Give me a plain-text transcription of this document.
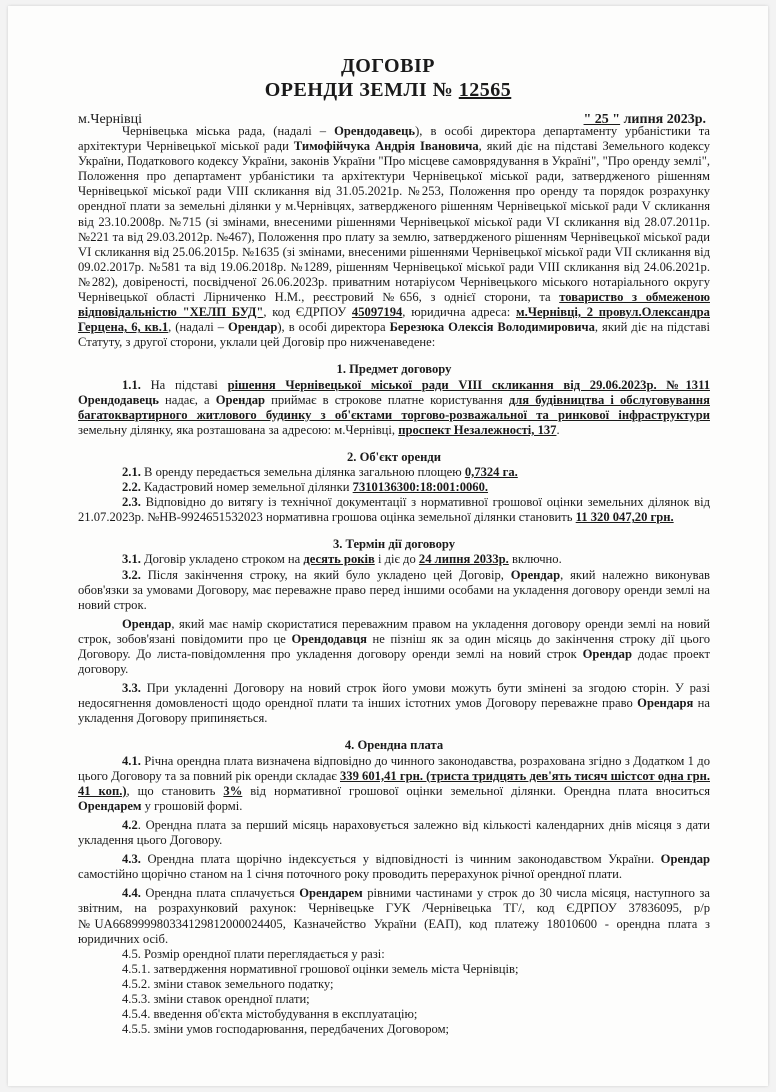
ДОГОВІР
ОРЕНДИ ЗЕМЛІ № 12565
м.Чернівці	" 25 " липня 2023р.

Чернівецька міська рада, (надалі – Орендодавець), в особі директора департаменту урбаністики та архітектури Чернівецької міської ради Тимофійчука Андрія Івановича, який діє на підставі Земельного кодексу України, Податкового кодексу України, законів України "Про місцеве самоврядування в Україні", "Про оренду землі", Положення про департамент урбаністики та архітектури Чернівецької міської ради, затвердженого рішенням Чернівецької міської ради VIII скликання від 31.05.2021р. №253, Положення про оренду та порядок розрахунку орендної плати за земельні ділянки у м.Чернівцях, затвердженого рішенням Чернівецької міської ради V скликання від 23.10.2008р. №715 (зі змінами, внесеними рішеннями Чернівецької міської ради VI скликання від 28.07.2011р. №221 та від 29.03.2012р. №467), Положення про плату за землю, затвердженого рішенням Чернівецької міської ради VI скликання від 25.06.2015р. №1635 (зі змінами, внесеними рішеннями Чернівецької міської ради VII скликання від 09.02.2017р. №581 та від 19.06.2018р. №1289, рішенням Чернівецької міської ради VIII скликання від 24.06.2021р. №282), довіреності, посвідченої 26.06.2023р. приватним нотаріусом Чернівецького міського нотаріального округу Чернівецької області Лірниченко Н.М., реєстровий №656, з однієї сторони, та товариство з обмеженою відповідальністю "ХЕЛП БУД", код ЄДРПОУ 45097194, юридична адреса: м.Чернівці, 2 провул.Олександра Герцена, 6, кв.1, (надалі – Орендар), в особі директора Березюка Олексія Володимировича, який діє на підставі Статуту, з другої сторони, уклали цей Договір про нижченаведене:

1. Предмет договору

1.1. На підставі рішення Чернівецької міської ради VIII скликання від 29.06.2023р. №1311 Орендодавець надає, а Орендар приймає в строкове платне користування для будівництва і обслуговування багатоквартирного житлового будинку з об'єктами торгово-розважальної та ринкової інфраструктури земельну ділянку, яка розташована за адресою: м.Чернівці, проспект Незалежності, 137.

2. Об'єкт оренди

2.1. В оренду передається земельна ділянка загальною площею 0,7324 га.

2.2. Кадастровий номер земельної ділянки 7310136300:18:001:0060.

2.3. Відповідно до витягу із технічної документації з нормативної грошової оцінки земельних ділянок від 21.07.2023р. №НВ-9924651532023 нормативна грошова оцінка земельної ділянки становить 11 320 047,20 грн.

3. Термін дії договору

3.1. Договір укладено строком на десять років і діє до 24 липня 2033р. включно.

3.2. Після закінчення строку, на який було укладено цей Договір, Орендар, який належно виконував обов'язки за умовами Договору, має переважне право перед іншими особами на укладення договору оренди землі на новий строк.

Орендар, який має намір скористатися переважним правом на укладення договору оренди землі на новий строк, зобов'язані повідомити про це Орендодавця не пізніш як за один місяць до закінчення строку дії цього Договору. До листа-повідомлення про укладення договору оренди землі на новий строк Орендар додає проект договору.

3.3. При укладенні Договору на новий строк його умови можуть бути змінені за згодою сторін. У разі недосягнення домовленості щодо орендної плати та інших істотних умов Договору переважне право Орендаря на укладення Договору припиняється.

4. Орендна плата

4.1. Річна орендна плата визначена відповідно до чинного законодавства, розрахована згідно з Додатком 1 до цього Договору та за повний рік оренди складає 339 601,41 грн. (триста тридцять дев'ять тисяч шістсот одна грн. 41 коп.), що становить 3% від нормативної грошової оцінки земельної ділянки. Орендна плата вноситься Орендарем у грошовій формі.

4.2. Орендна плата за перший місяць нараховується залежно від кількості календарних днів місяця з дати укладення цього Договору.

4.3. Орендна плата щорічно індексується у відповідності із чинним законодавством України. Орендар самостійно щорічно станом на 1 січня поточного року проводить перерахунок річної орендної плати.

4.4. Орендна плата сплачується Орендарем рівними частинами у строк до 30 числа місяця, наступного за звітним, на розрахунковий рахунок: Чернівецьке ГУК /Чернівецька ТГ/, код ЄДРПОУ 37836095, р/р №UA668999980334129812000024405, Казначейство України (ЕАП), код платежу 18010600 - орендна плата з юридичних осіб.

4.5. Розмір орендної плати переглядається у разі:

4.5.1. затвердження нормативної грошової оцінки земель міста Чернівців;

4.5.2. зміни ставок земельного податку;

4.5.3. зміни ставок орендної плати;

4.5.4. введення об'єкта містобудування в експлуатацію;

4.5.5. зміни умов господарювання, передбачених Договором;
